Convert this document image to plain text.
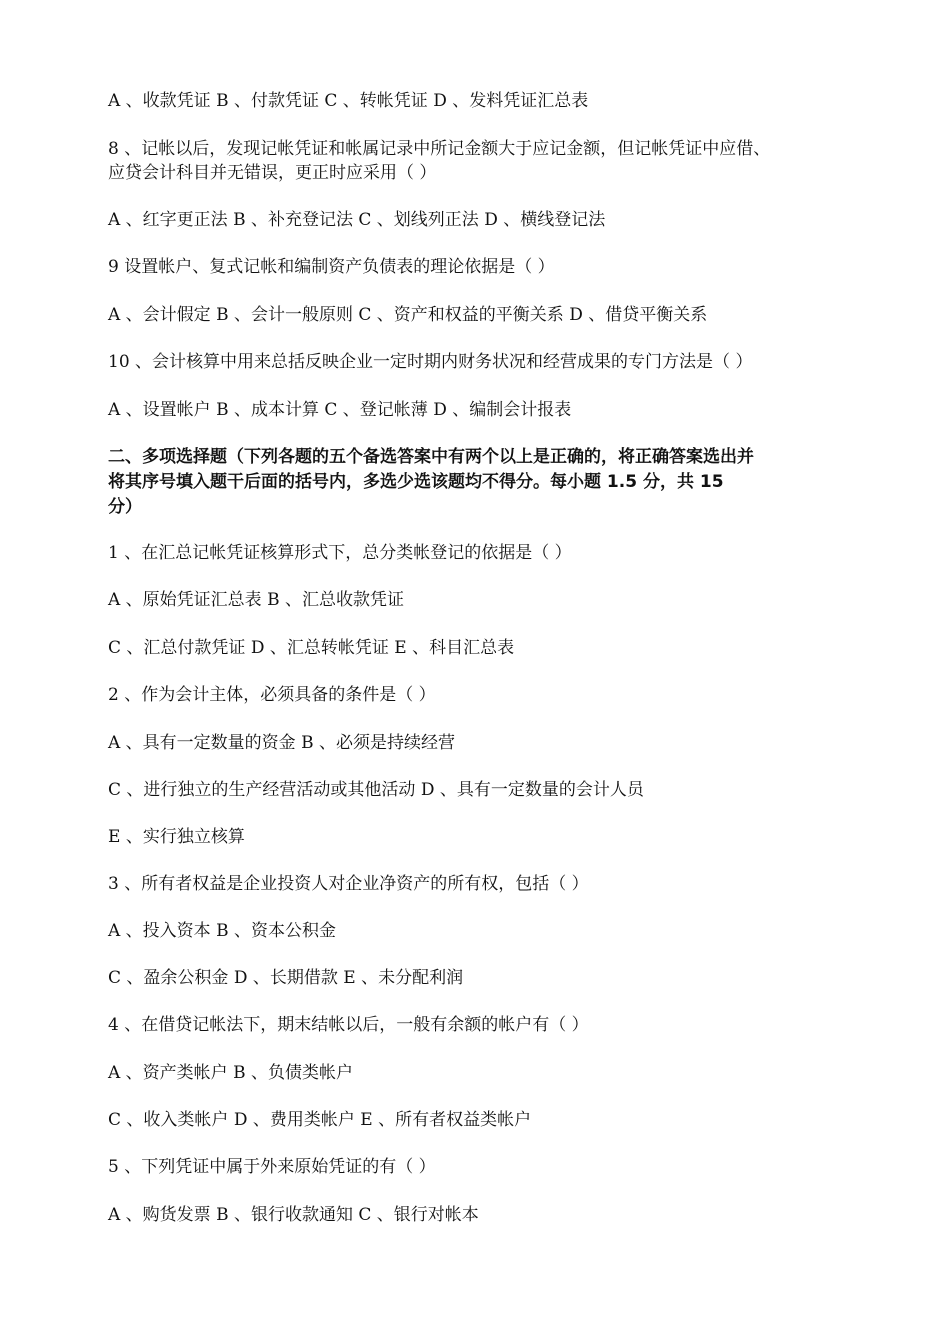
A 、收款凭证 B 、付款凭证 C 、转帐凭证 D 、发料凭证汇总表
8 、记帐以后，发现记帐凭证和帐属记录中所记金额大于应记金额，但记帐凭证中应借、
应贷会计科目并无错误，更正时应采用（ ）
A 、红字更正法 B 、补充登记法 C 、划线列正法 D 、横线登记法
9 设置帐户、复式记帐和编制资产负债表的理论依据是（ ）
A 、会计假定 B 、会计一般原则 C 、资产和权益的平衡关系 D 、借贷平衡关系
10 、会计核算中用来总括反映企业一定时期内财务状况和经营成果的专门方法是（ ）
A 、设置帐户 B 、成本计算 C 、登记帐薄 D 、编制会计报表
二、多项选择题（下列各题的五个备选答案中有两个以上是正确的，将正确答案选出并
将其序号填入题干后面的括号内，多选少选该题均不得分。每小题 1.5 分，共 15
分）
1 、在汇总记帐凭证核算形式下，总分类帐登记的依据是（ ）
A 、原始凭证汇总表 B 、汇总收款凭证
C 、汇总付款凭证 D 、汇总转帐凭证 E 、科目汇总表
2 、作为会计主体，必须具备的条件是（ ）
A 、具有一定数量的资金 B 、必须是持续经营
C 、进行独立的生产经营活动或其他活动 D 、具有一定数量的会计人员
E 、实行独立核算
3 、所有者权益是企业投资人对企业净资产的所有权，包括（ ）
A 、投入资本 B 、资本公积金
C 、盈余公积金 D 、长期借款 E 、未分配利润
4 、在借贷记帐法下，期末结帐以后，一般有余额的帐户有（ ）
A 、资产类帐户 B 、负债类帐户
C 、收入类帐户 D 、费用类帐户 E 、所有者权益类帐户
5 、下列凭证中属于外来原始凭证的有（ ）
A 、购货发票 B 、银行收款通知 C 、银行对帐本
